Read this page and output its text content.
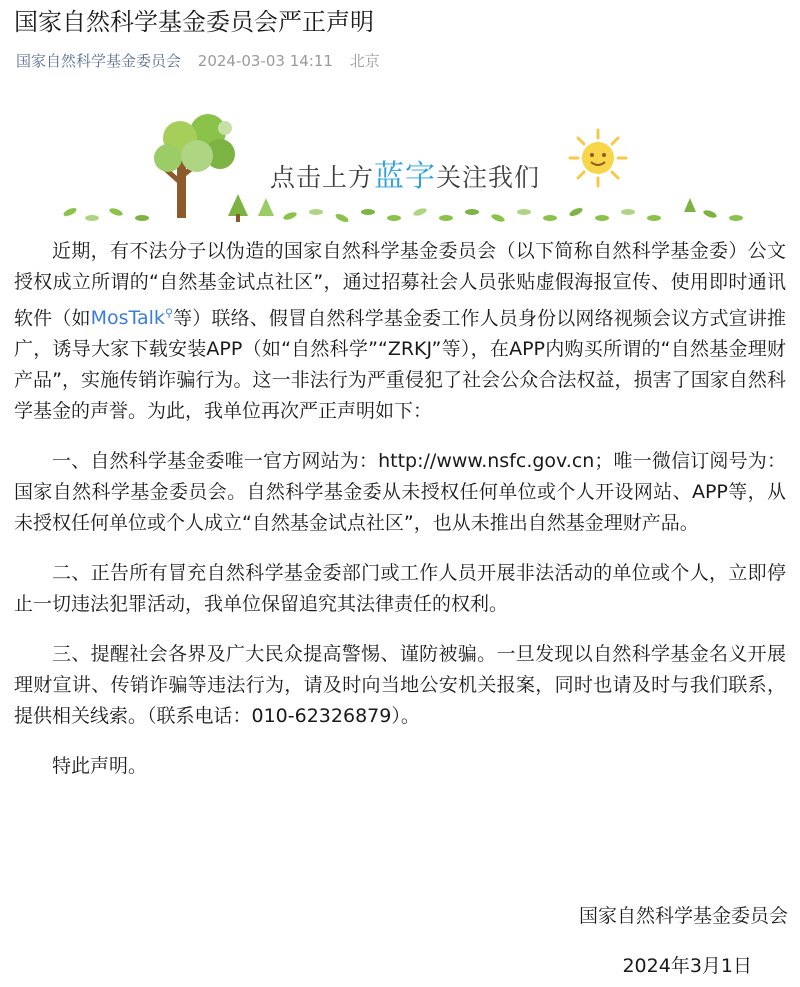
国家自然科学基金委员会严正声明
国家自然科学基金委员会 2024-03-03 14:11 北京
点击上方蓝字关注我们

近期，有不法分子以伪造的国家自然科学基金委员会（以下简称自然科学基金委）公文授权成立所谓的“自然基金试点社区”，通过招募社会人员张贴虚假海报宣传、使用即时通讯软件（如MosTalk⚲等）联络、假冒自然科学基金委工作人员身份以网络视频会议方式宣讲推广，诱导大家下载安装APP（如“自然科学”“ZRKJ”等），在APP内购买所谓的“自然基金理财产品”，实施传销诈骗行为。这一非法行为严重侵犯了社会公众合法权益，损害了国家自然科学基金的声誉。为此，我单位再次严正声明如下：

一、自然科学基金委唯一官方网站为：http://www.nsfc.gov.cn；唯一微信订阅号为：国家自然科学基金委员会。自然科学基金委从未授权任何单位或个人开设网站、APP等，从未授权任何单位或个人成立“自然基金试点社区”，也从未推出自然基金理财产品。

二、正告所有冒充自然科学基金委部门或工作人员开展非法活动的单位或个人，立即停止一切违法犯罪活动，我单位保留追究其法律责任的权利。

三、提醒社会各界及广大民众提高警惕、谨防被骗。一旦发现以自然科学基金名义开展理财宣讲、传销诈骗等违法行为，请及时向当地公安机关报案，同时也请及时与我们联系，提供相关线索。（联系电话：010-62326879）。

特此声明。

国家自然科学基金委员会
2024年3月1日
